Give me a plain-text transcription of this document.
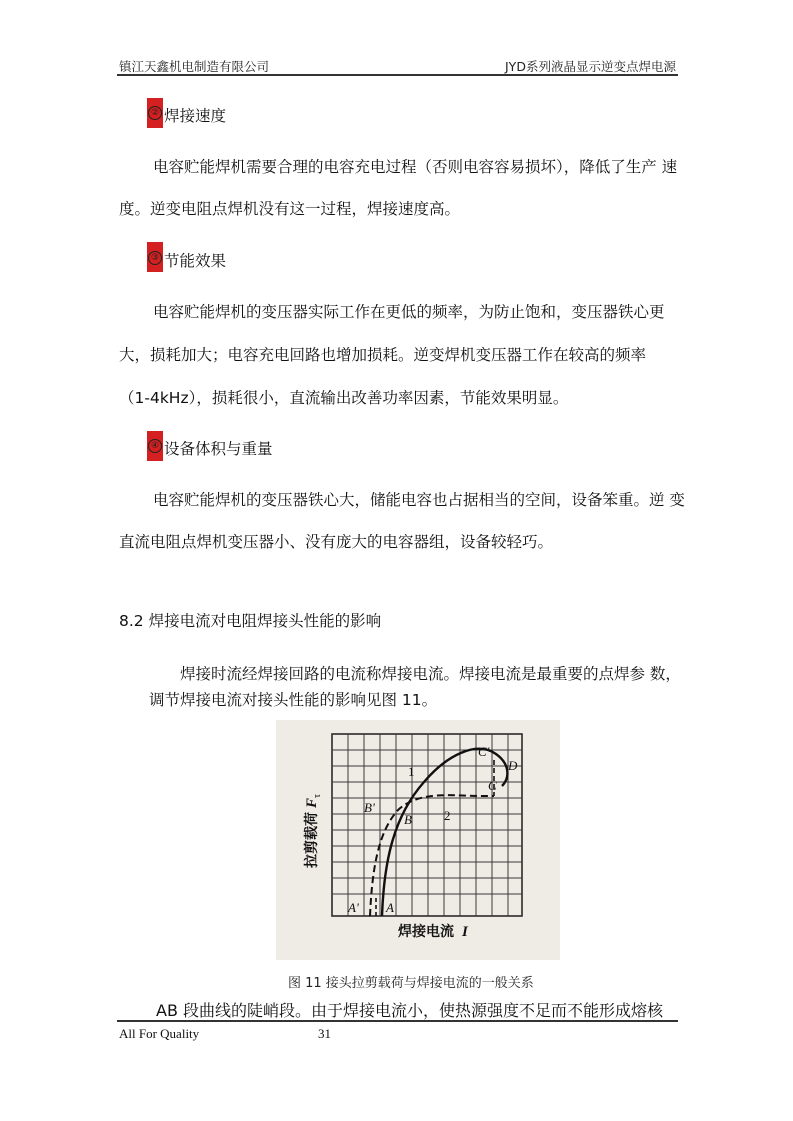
镇江天鑫机电制造有限公司	JYD系列液晶显示逆变点焊电源
② 焊接速度
电容贮能焊机需要合理的电容充电过程（否则电容容易损坏），降低了生产 速
度。逆变电阻点焊机没有这一过程，焊接速度高。
③ 节能效果
电容贮能焊机的变压器实际工作在更低的频率，为防止饱和，变压器铁心更
大，损耗加大；电容充电回路也增加损耗。逆变焊机变压器工作在较高的频率
（1-4kHz），损耗很小，直流输出改善功率因素，节能效果明显。
④ 设备体积与重量
电容贮能焊机的变压器铁心大，储能电容也占据相当的空间，设备笨重。逆 变
直流电阻点焊机变压器小、没有庞大的电容器组，设备较轻巧。
8.2 焊接电流对电阻焊接头性能的影响
焊接时流经焊接回路的电流称焊接电流。焊接电流是最重要的点焊参 数，
调节焊接电流对接头性能的影响见图 11。
A' A
B'
B
C'
C
D
1
2
拉剪载荷
F
τ
焊接电流 I
图 11 接头拉剪载荷与焊接电流的一般关系
AB 段曲线的陡峭段。由于焊接电流小，使热源强度不足而不能形成熔核
All For Quality	31
